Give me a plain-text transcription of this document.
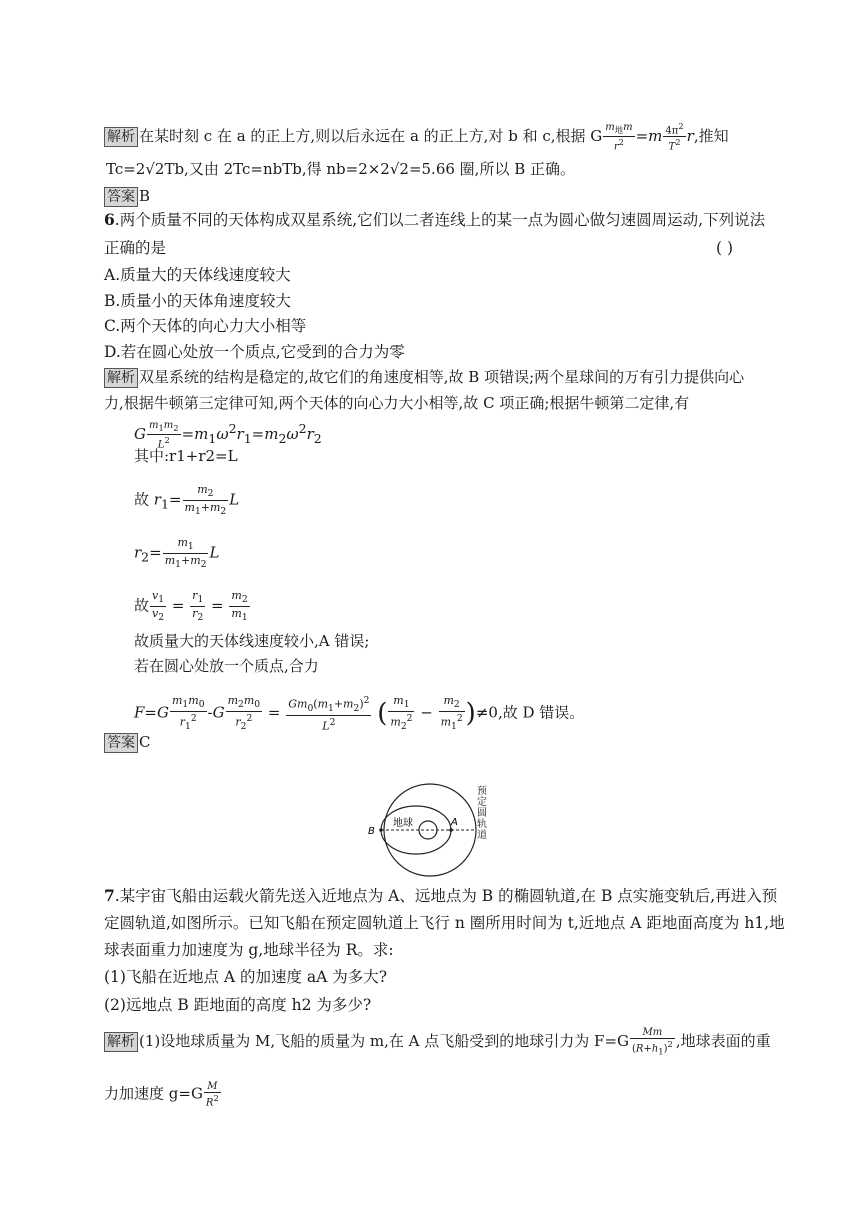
解析 在某时刻 c 在 a 的正上方,则以后永远在 a 的正上方,对 b 和 c,根据 G $\frac{m_地m}{r^2} =m \frac{4\pi^2}{T^2} r$,推知
Tc=2√2Tb,又由 2Tc=nbTb,得 nb=2×2√2=5.66 圈,所以 B 正确。
答案 B
6.两个质量不同的天体构成双星系统,它们以二者连线上的某一点为圆心做匀速圆周运动,下列说法
正确的是	( )
A.质量大的天体线速度较大
B.质量小的天体角速度较大
C.两个天体的向心力大小相等
D.若在圆心处放一个质点,它受到的合力为零
解析 双星系统的结构是稳定的,故它们的角速度相等,故 B 项错误;两个星球间的万有引力提供向心
力,根据牛顿第三定律可知,两个天体的向心力大小相等,故 C 项正确;根据牛顿第二定律,有
G $\frac{m_1m_2}{L^2} =m_1\omega^2r_1=m_2\omega^2r_2$
其中:r1+r2=L
故 $r_1= \frac{m_2}{m_1+m_2}$ L
$r_2= \frac{m_1}{m_1+m_2}$ L
故 $\frac{v_1}{v_2} = \frac{r_1}{r_2} = \frac{m_2}{m_1}$
故质量大的天体线速度较小,A 错误;
若在圆心处放一个质点,合力
$F=G \frac{m_1m_0}{r_1^2} -G \frac{m_2m_0}{r_2^2} = \frac{Gm_0(m_1+m_2)^2}{L^2}$ ( $\frac{m_1}{m_2^2} - \frac{m_2}{m_1^2} )\ne 0$,故 D 错误。
答案 C
地球	A
B
预定圆轨道
7.某宇宙飞船由运载火箭先送入近地点为 A、远地点为 B 的椭圆轨道,在 B 点实施变轨后,再进入预
定圆轨道,如图所示。已知飞船在预定圆轨道上飞行 n 圈所用时间为 t,近地点 A 距地面高度为 h1,地
球表面重力加速度为 g,地球半径为 R。求:
(1)飞船在近地点 A 的加速度 aA 为多大?
(2)远地点 B 距地面的高度 h2 为多少?
解析 (1)设地球质量为 M,飞船的质量为 m,在 A 点飞船受到的地球引力为 $F=G \frac{Mm}{(R+h_1)^2}$ ,地球表面的重
力加速度 $g=G \frac{M}{R^2}$
